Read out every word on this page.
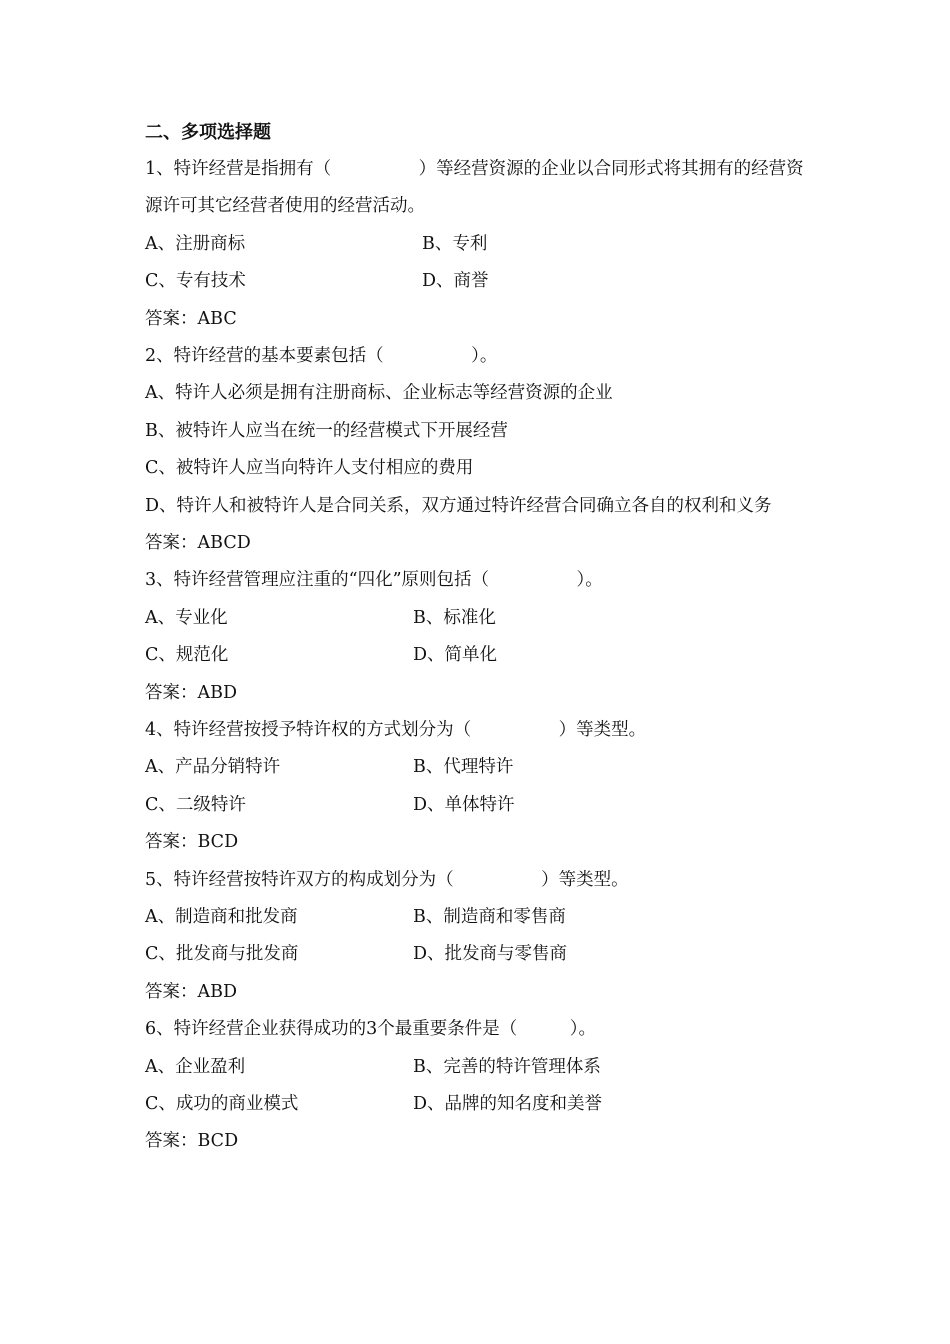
二、多项选择题
1、特许经营是指拥有（　　　　　）等经营资源的企业以合同形式将其拥有的经营资源许可其它经营者使用的经营活动。
A、注册商标	B、专利
C、专有技术	D、商誉
答案：ABC
2、特许经营的基本要素包括（　　　　　）。
A、特许人必须是拥有注册商标、企业标志等经营资源的企业
B、被特许人应当在统一的经营模式下开展经营
C、被特许人应当向特许人支付相应的费用
D、特许人和被特许人是合同关系，双方通过特许经营合同确立各自的权利和义务
答案：ABCD
3、特许经营管理应注重的“四化”原则包括（　　　　　）。
A、专业化	B、标准化
C、规范化	D、简单化
答案：ABD
4、特许经营按授予特许权的方式划分为（　　　　　）等类型。
A、产品分销特许	B、代理特许
C、二级特许	D、单体特许
答案：BCD
5、特许经营按特许双方的构成划分为（　　　　　）等类型。
A、制造商和批发商	B、制造商和零售商
C、批发商与批发商	D、批发商与零售商
答案：ABD
6、特许经营企业获得成功的3个最重要条件是（　　　）。
A、企业盈利	B、完善的特许管理体系
C、成功的商业模式	D、品牌的知名度和美誉
答案：BCD
